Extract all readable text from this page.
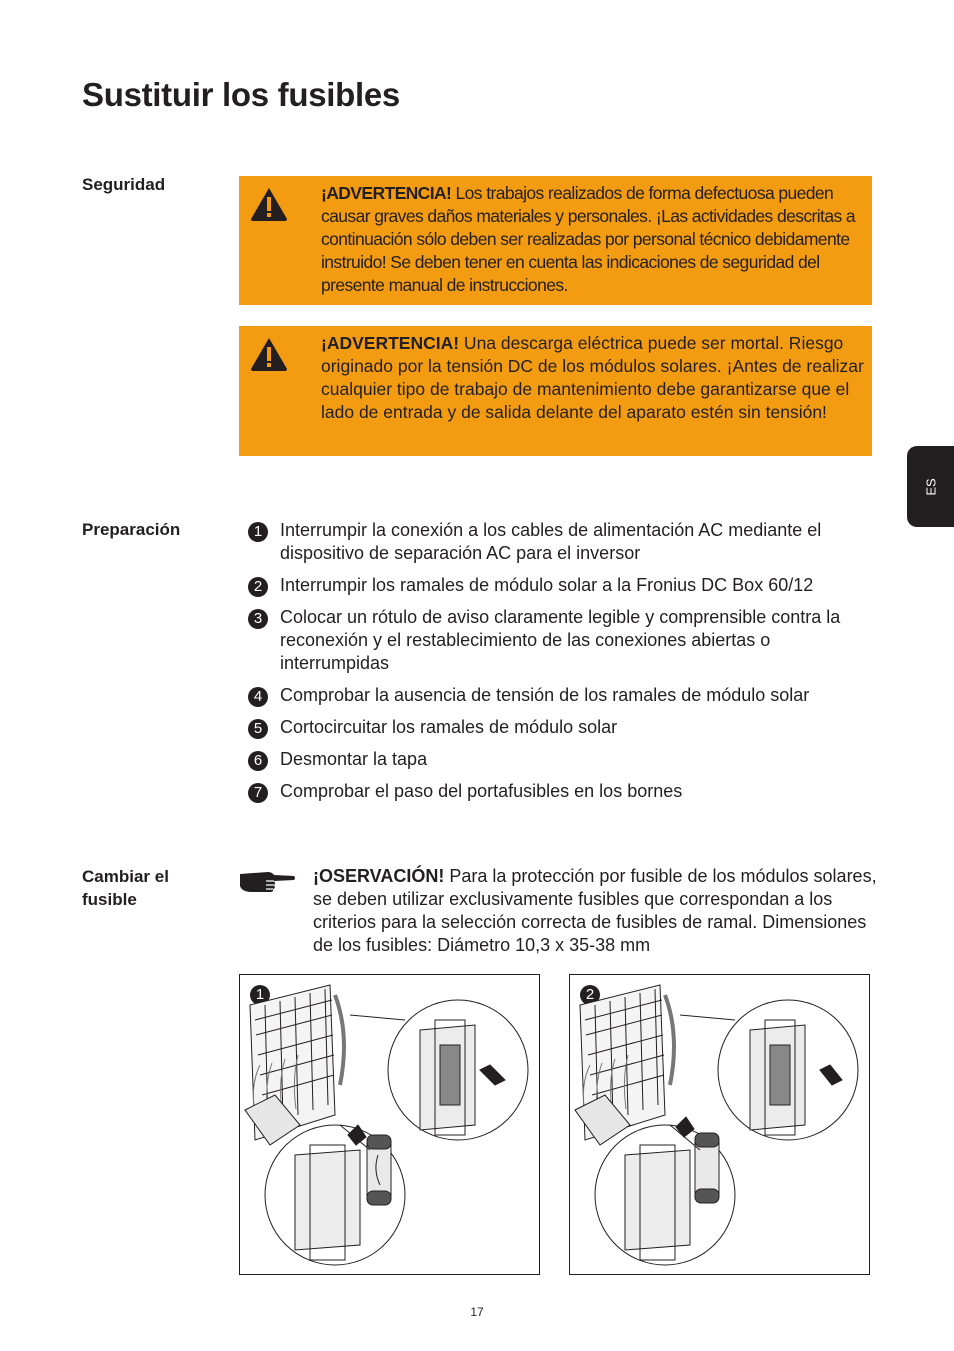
Sustituir los fusibles
Seguridad	¡ADVERTENCIA! Los trabajos realizados de forma defectuosa pueden causar graves daños materiales y personales. ¡Las actividades descritas a continuación sólo deben ser realizadas por personal técnico debidamente instruido! Se deben tener en cuenta las indicaciones de seguridad del presente manual de instrucciones.
¡ADVERTENCIA! Una descarga eléctrica puede ser mortal. Riesgo originado por la tensión DC de los módulos solares. ¡Antes de realizar cualquier tipo de trabajo de mantenimiento debe garantizarse que el lado de entrada y de salida delante del aparato estén sin tensión!
Preparación	1 Interrumpir la conexión a los cables de alimentación AC mediante el dispositivo de separación AC para el inversor
2 Interrumpir los ramales de módulo solar a la Fronius DC Box 60/12
3 Colocar un rótulo de aviso claramente legible y comprensible contra la reconexión y el restablecimiento de las conexiones abiertas o interrumpidas
4 Comprobar la ausencia de tensión de los ramales de módulo solar
5 Cortocircuitar los ramales de módulo solar
6 Desmontar la tapa
7 Comprobar el paso del portafusibles en los bornes
Cambiar el fusible
¡OSERVACIÓN! Para la protección por fusible de los módulos solares, se deben utilizar exclusivamente fusibles que correspondan a los criterios para la selección correcta de fusibles de ramal. Dimensiones de los fusibles: Diámetro 10,3 x 35-38 mm
1	2
ES
17
